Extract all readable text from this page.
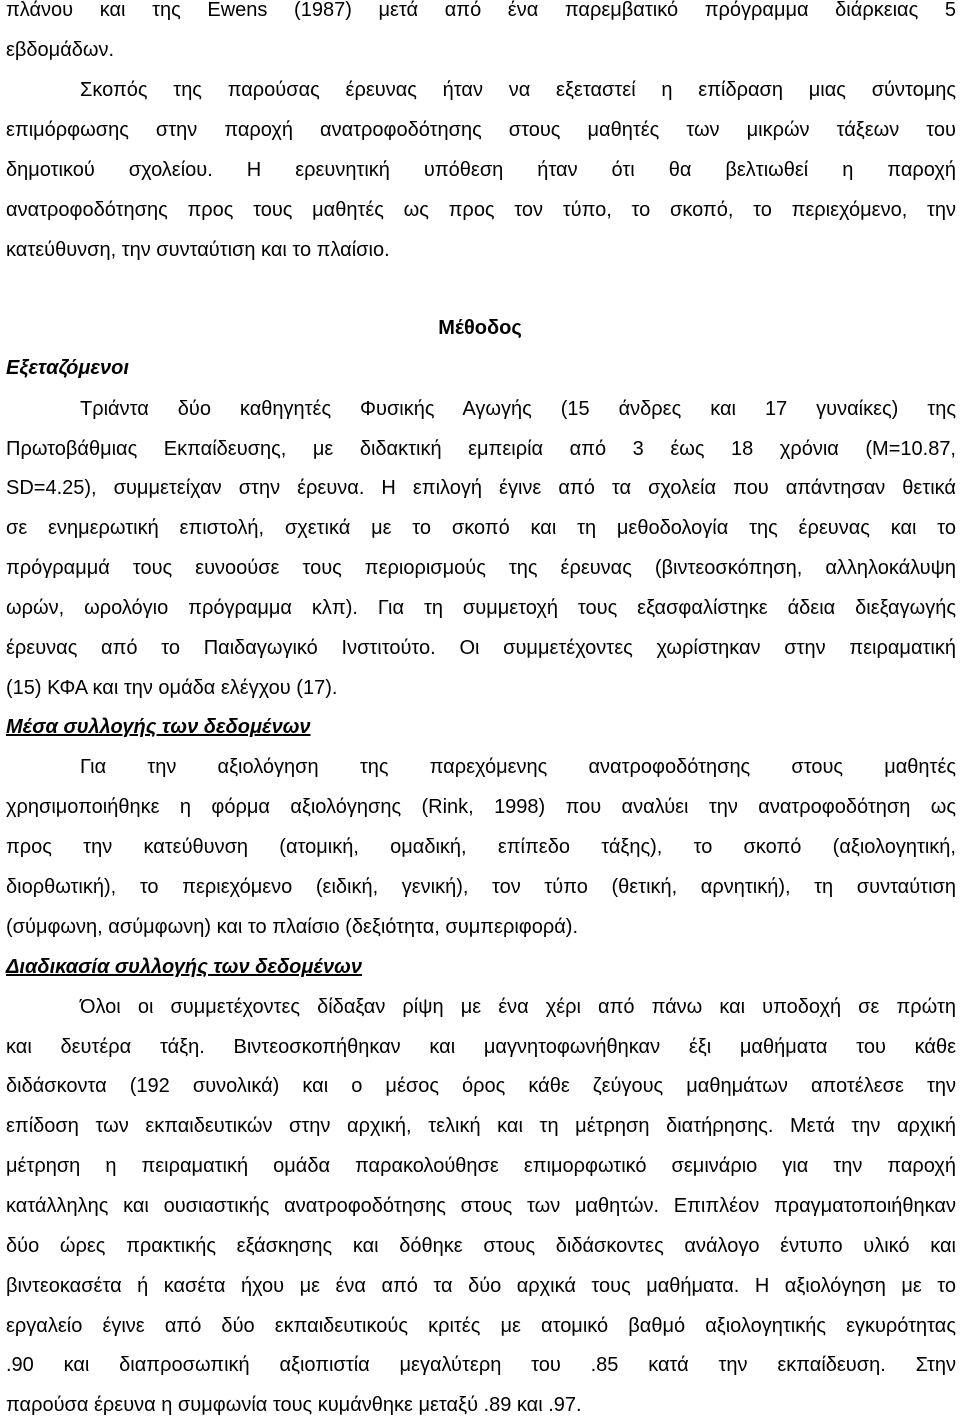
πλάνου και της Ewens (1987) μετά από ένα παρεμβατικό πρόγραμμα διάρκειας 5
εβδομάδων.
Σκοπός της παρούσας έρευνας ήταν να εξεταστεί η επίδραση μιας σύντομης
επιμόρφωσης στην παροχή ανατροφοδότησης στους μαθητές των μικρών τάξεων του
δημοτικού σχολείου. Η ερευνητική υπόθεση ήταν ότι θα βελτιωθεί η παροχή
ανατροφοδότησης προς τους μαθητές ως προς τον τύπο, το σκοπό, το περιεχόμενο, την
κατεύθυνση, την συνταύτιση και το πλαίσιο.
Μέθοδος
Εξεταζόμενοι
Τριάντα δύο καθηγητές Φυσικής Αγωγής (15 άνδρες και 17 γυναίκες) της
Πρωτοβάθμιας Εκπαίδευσης, με διδακτική εμπειρία από 3 έως 18 χρόνια (M=10.87,
SD=4.25), συμμετείχαν στην έρευνα. Η επιλογή έγινε από τα σχολεία που απάντησαν θετικά
σε ενημερωτική επιστολή, σχετικά με το σκοπό και τη μεθοδολογία της έρευνας και το
πρόγραμμά τους ευνοούσε τους περιορισμούς της έρευνας (βιντεοσκόπηση, αλληλοκάλυψη
ωρών, ωρολόγιο πρόγραμμα κλπ). Για τη συμμετοχή τους εξασφαλίστηκε άδεια διεξαγωγής
έρευνας από το Παιδαγωγικό Ινστιτούτο. Οι συμμετέχοντες χωρίστηκαν στην πειραματική
(15) ΚΦΑ και την ομάδα ελέγχου (17).
Μέσα συλλογής των δεδομένων
Για την αξιολόγηση της παρεχόμενης ανατροφοδότησης στους μαθητές
χρησιμοποιήθηκε η φόρμα αξιολόγησης (Rink, 1998) που αναλύει την ανατροφοδότηση ως
προς την κατεύθυνση (ατομική, ομαδική, επίπεδο τάξης), το σκοπό (αξιολογητική,
διορθωτική), το περιεχόμενο (ειδική, γενική), τον τύπο (θετική, αρνητική), τη συνταύτιση
(σύμφωνη, ασύμφωνη) και το πλαίσιο (δεξιότητα, συμπεριφορά).
Διαδικασία συλλογής των δεδομένων
Όλοι οι συμμετέχοντες δίδαξαν ρίψη με ένα χέρι από πάνω και υποδοχή σε πρώτη
και δευτέρα τάξη. Βιντεοσκοπήθηκαν και μαγνητοφωνήθηκαν έξι μαθήματα του κάθε
διδάσκοντα (192 συνολικά) και ο μέσος όρος κάθε ζεύγους μαθημάτων αποτέλεσε την
επίδοση των εκπαιδευτικών στην αρχική, τελική και τη μέτρηση διατήρησης. Μετά την αρχική
μέτρηση η πειραματική ομάδα παρακολούθησε επιμορφωτικό σεμινάριο για την παροχή
κατάλληλης και ουσιαστικής ανατροφοδότησης στους των μαθητών. Επιπλέον πραγματοποιήθηκαν
δύο ώρες πρακτικής εξάσκησης και δόθηκε στους διδάσκοντες ανάλογο έντυπο υλικό και
βιντεοκασέτα ή κασέτα ήχου με ένα από τα δύο αρχικά τους μαθήματα. Η αξιολόγηση με το
εργαλείο έγινε από δύο εκπαιδευτικούς κριτές με ατομικό βαθμό αξιολογητικής εγκυρότητας
.90 και διαπροσωπική αξιοπιστία μεγαλύτερη του .85 κατά την εκπαίδευση. Στην
παρούσα έρευνα η συμφωνία τους κυμάνθηκε μεταξύ .89 και .97.
